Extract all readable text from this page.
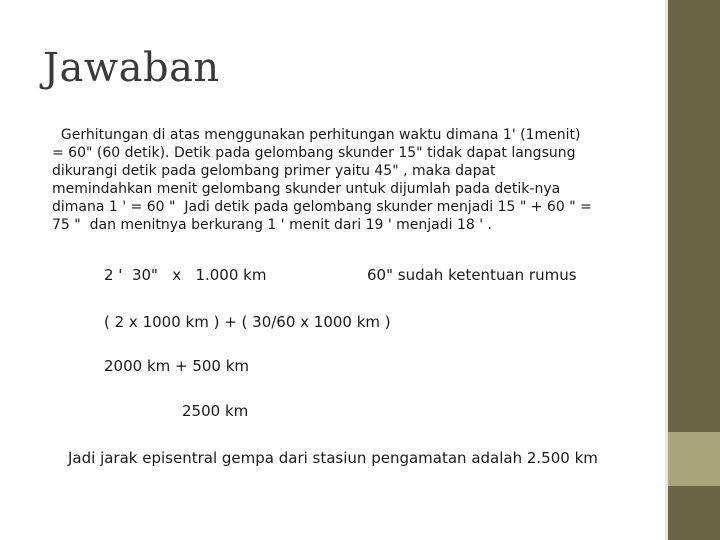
Jawaban
Gerhitungan di atas menggunakan perhitungan waktu dimana 1' (1menit)
= 60" (60 detik). Detik pada gelombang skunder 15" tidak dapat langsung
dikurangi detik pada gelombang primer yaitu 45" , maka dapat
memindahkan menit gelombang skunder untuk dijumlah pada detik-nya
dimana 1 ' = 60 "  Jadi detik pada gelombang skunder menjadi 15 " + 60 " =
75 "  dan menitnya berkurang 1 ' menit dari 19 ' menjadi 18 ' .

2 '  30"   x   1.000 km	60" sudah ketentuan rumus

( 2 x 1000 km ) + ( 30/60 x 1000 km )

2000 km + 500 km

2500 km

Jadi jarak episentral gempa dari stasiun pengamatan adalah 2.500 km
